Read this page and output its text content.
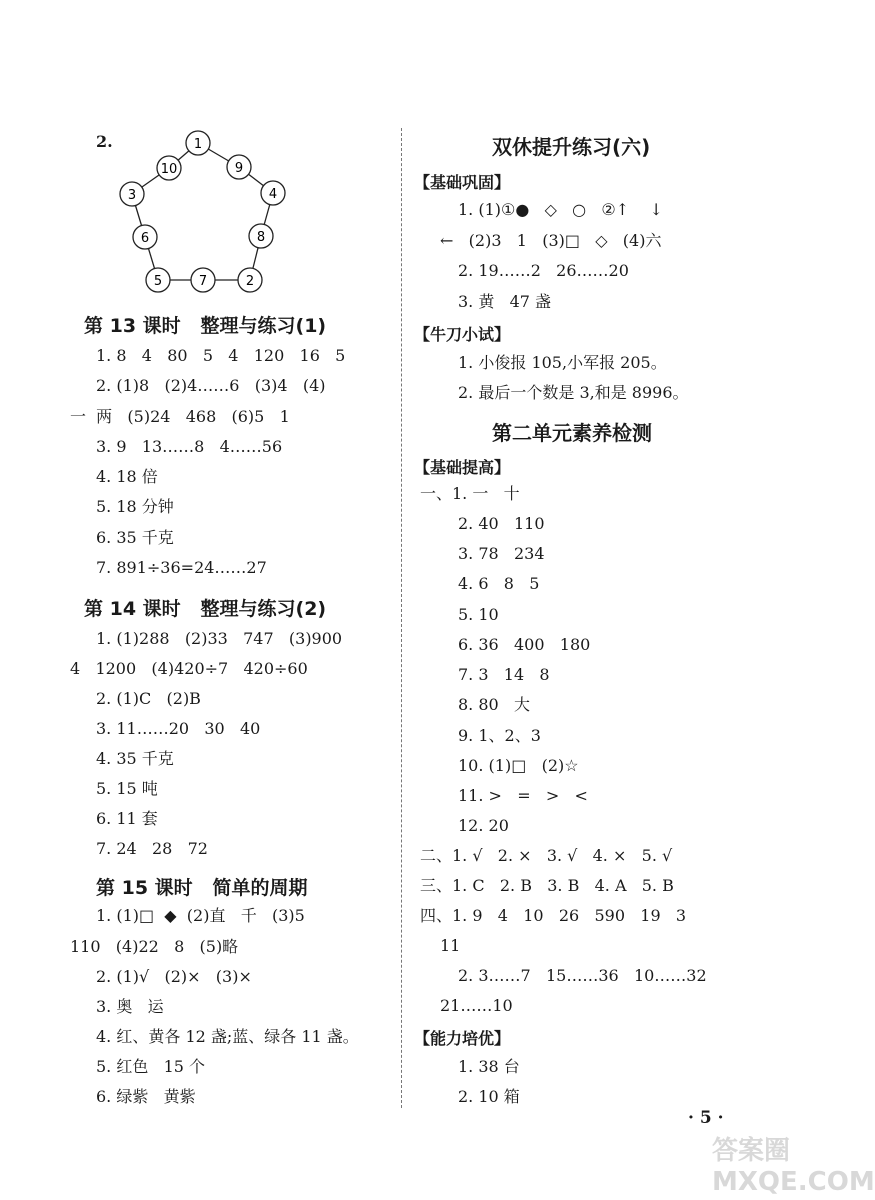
2.	1
9
4
8
2
7
5
6
3
10
第 13 课时   整理与练习(1)
1. 8   4   80   5   4   120   16   5
2. (1)8   (2)4……6   (3)4   (4)
一  两   (5)24   468   (6)5   1
3. 9   13……8   4……56
4. 18 倍
5. 18 分钟
6. 35 千克
7. 891÷36=24……27
第 14 课时   整理与练习(2)
1. (1)288   (2)33   747   (3)900
4   1200   (4)420÷7   420÷60
2. (1)C   (2)B
3. 11……20   30   40
4. 35 千克
5. 15 吨
6. 11 套
7. 24   28   72
第 15 课时   简单的周期
1. (1)□  ◆  (2)直   千   (3)5
110   (4)22   8   (5)略
2. (1)√   (2)×   (3)×
3. 奥   运
4. 红、黄各 12 盏;蓝、绿各 11 盏。
5. 红色   15 个
6. 绿紫   黄紫
双休提升练习(六)
【基础巩固】
1. (1)①●   ◇   ○   ②↑    ↓
←   (2)3   1   (3)□   ◇   (4)六
2. 19……2   26……20
3. 黄   47 盏
【牛刀小试】
1. 小俊报 105,小军报 205。
2. 最后一个数是 3,和是 8996。
第二单元素养检测
【基础提高】
一、1. 一   十
2. 40   110
3. 78   234
4. 6   8   5
5. 10
6. 36   400   180
7. 3   14   8
8. 80   大
9. 1、2、3
10. (1)□   (2)☆
11. >   =   >   <
12. 20
二、1. √   2. ×   3. √   4. ×   5. √
三、1. C   2. B   3. B   4. A   5. B
四、1. 9   4   10   26   590   19   3
11
2. 3……7   15……36   10……32
21……10
【能力培优】
1. 38 台
2. 10 箱
· 5 ·
答案圈 MXQE.COM
